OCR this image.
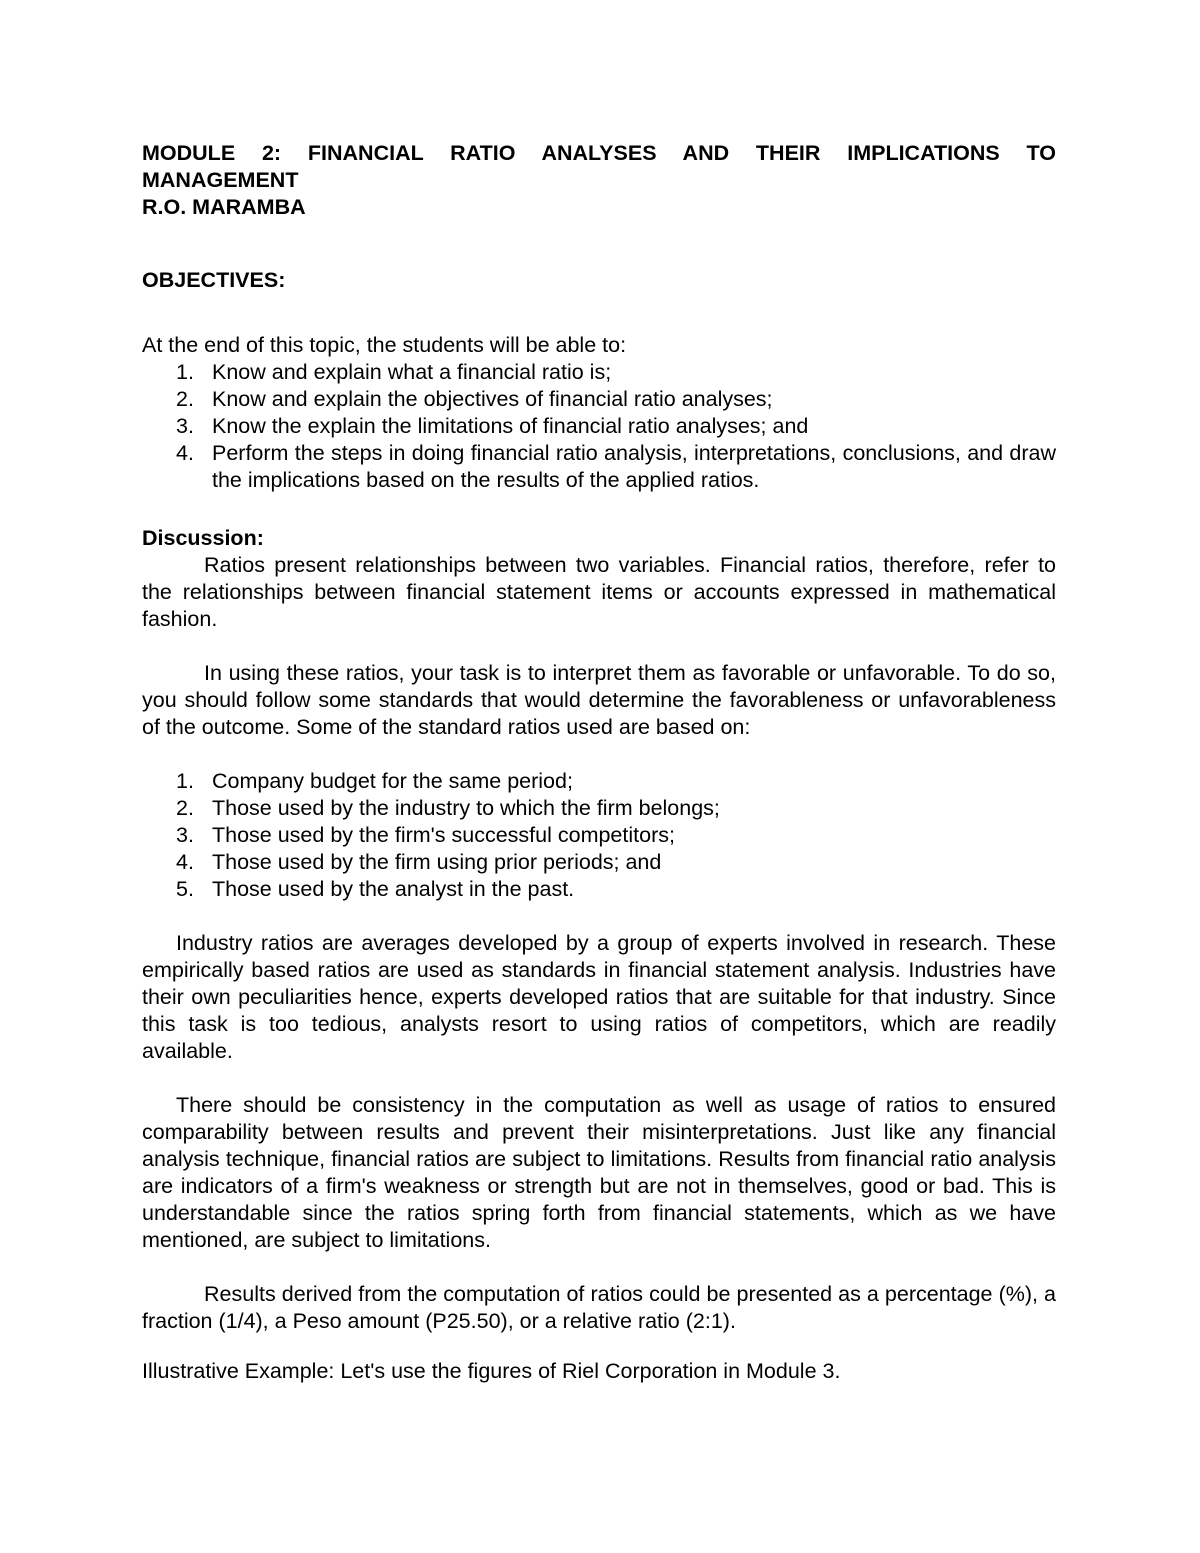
MODULE 2: FINANCIAL RATIO ANALYSES AND THEIR IMPLICATIONS TO
MANAGEMENT

R.O. MARAMBA

OBJECTIVES:

At the end of this topic, the students will be able to:

1. Know and explain what a financial ratio is;
2. Know and explain the objectives of financial ratio analyses;
3. Know the explain the limitations of financial ratio analyses; and
4. Perform the steps in doing financial ratio analysis, interpretations, conclusions, and draw the implications based on the results of the applied ratios.

Discussion:

Ratios present relationships between two variables. Financial ratios, therefore, refer to the relationships between financial statement items or accounts expressed in mathematical fashion.

In using these ratios, your task is to interpret them as favorable or unfavorable. To do so, you should follow some standards that would determine the favorableness or unfavorableness of the outcome. Some of the standard ratios used are based on:

1. Company budget for the same period;
2. Those used by the industry to which the firm belongs;
3. Those used by the firm's successful competitors;
4. Those used by the firm using prior periods; and
5. Those used by the analyst in the past.

Industry ratios are averages developed by a group of experts involved in research. These empirically based ratios are used as standards in financial statement analysis. Industries have their own peculiarities hence, experts developed ratios that are suitable for that industry. Since this task is too tedious, analysts resort to using ratios of competitors, which are readily available.

There should be consistency in the computation as well as usage of ratios to ensured comparability between results and prevent their misinterpretations. Just like any financial analysis technique, financial ratios are subject to limitations. Results from financial ratio analysis are indicators of a firm's weakness or strength but are not in themselves, good or bad. This is understandable since the ratios spring forth from financial statements, which as we have mentioned, are subject to limitations.

Results derived from the computation of ratios could be presented as a percentage (%), a fraction (1/4), a Peso amount (P25.50), or a relative ratio (2:1).

Illustrative Example: Let's use the figures of Riel Corporation in Module 3.
